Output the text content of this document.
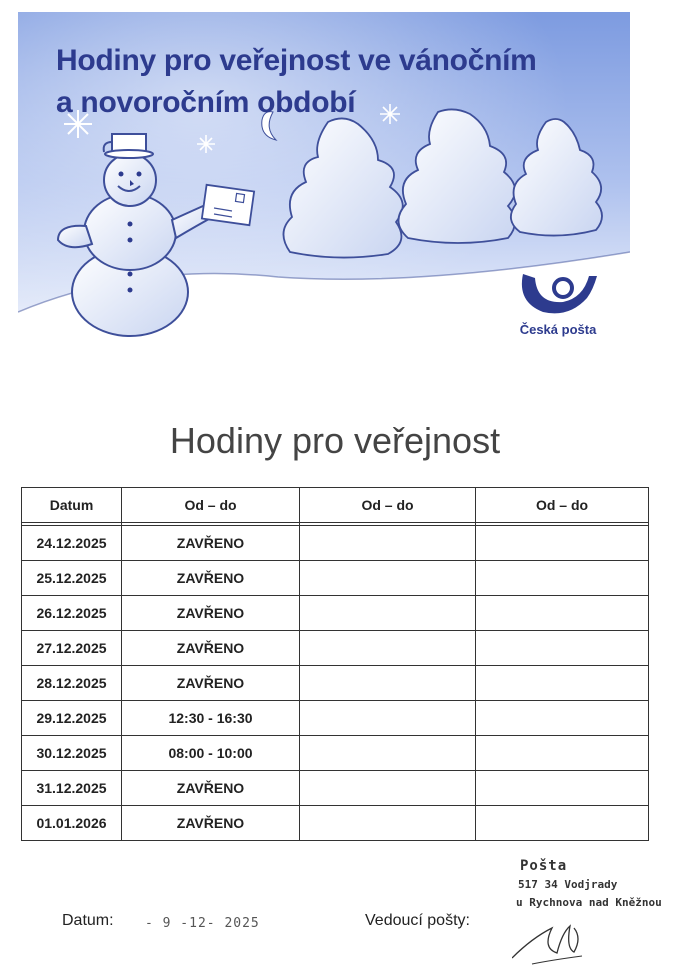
Hodiny pro veřejnost ve vánočním
a novoročním období
Česká pošta
Hodiny pro veřejnost
Datum	Od – do	Od – do	Od – do

24.12.2025	ZAVŘENO		
25.12.2025	ZAVŘENO		
26.12.2025	ZAVŘENO		
27.12.2025	ZAVŘENO		
28.12.2025	ZAVŘENO		
29.12.2025	12:30 - 16:30		
30.12.2025	08:00 - 10:00		
31.12.2025	ZAVŘENO		
01.01.2026	ZAVŘENO		
Datum: - 9 -12- 2025	Vedoucí pošty:
Pošta
517 34 Vodjrady
u Rychnova nad Kněžnou
